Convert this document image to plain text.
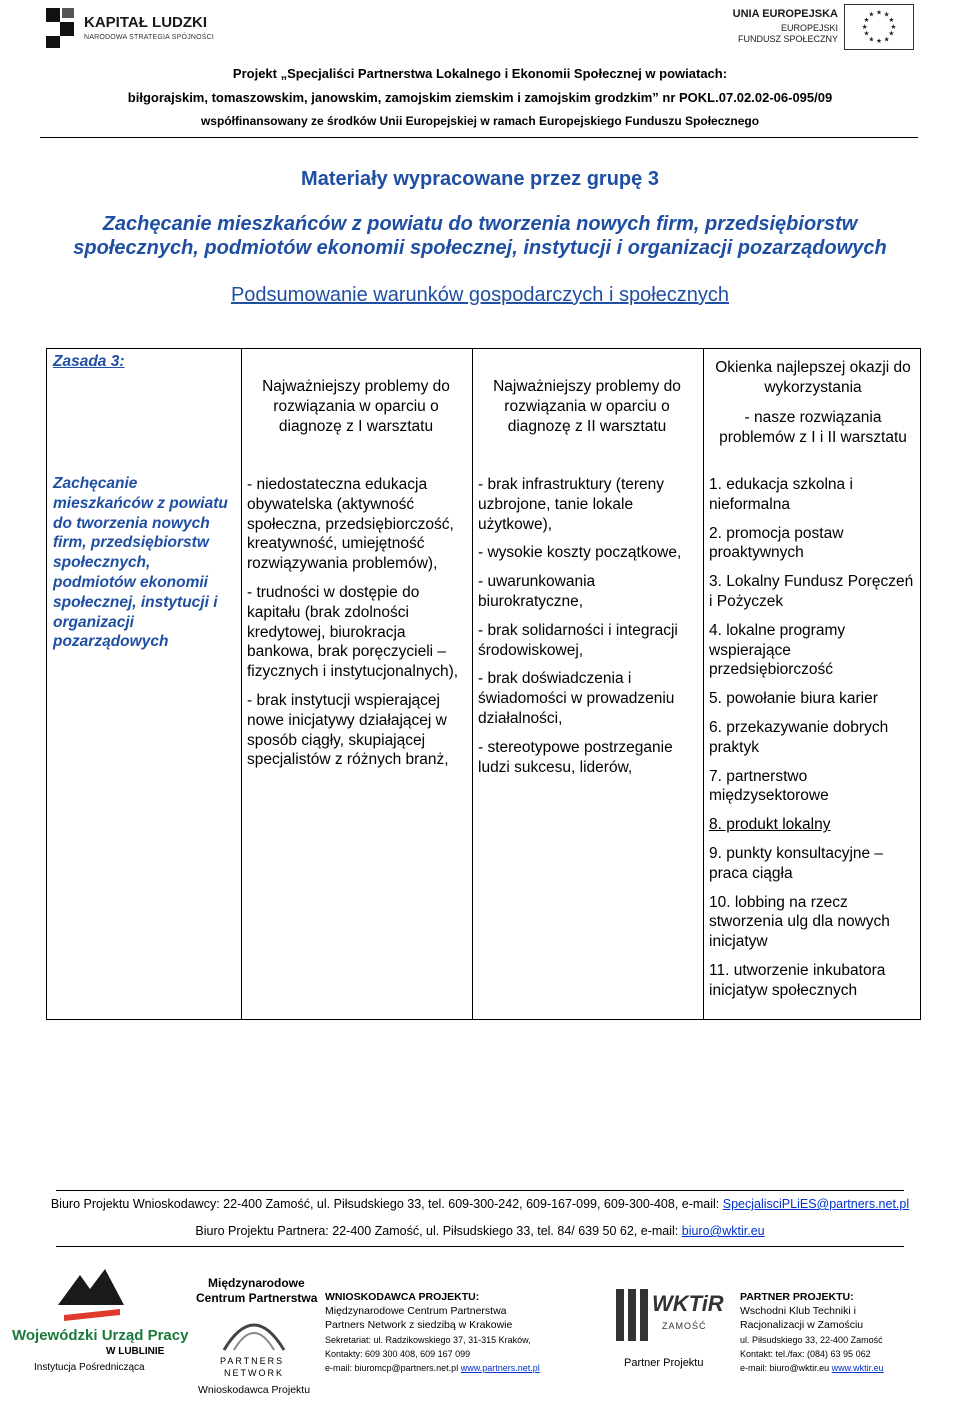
KAPITAŁ LUDZKI
NARODOWA STRATEGIA SPÓJNOŚCI
UNIA EUROPEJSKA
EUROPEJSKI
FUNDUSZ SPOŁECZNY
★ ★
★
★
★
★
★
★
★
★
★
★
Projekt „Specjaliści Partnerstwa Lokalnego i Ekonomii Społecznej w powiatach:
biłgorajskim, tomaszowskim, janowskim, zamojskim ziemskim i zamojskim grodzkim” nr POKL.07.02.02-06-095/09
współfinansowany ze środków Unii Europejskiej w ramach Europejskiego Funduszu Społecznego
Materiały wypracowane przez grupę 3
Zachęcanie mieszkańców z powiatu do tworzenia nowych firm, przedsiębiorstw
społecznych, podmiotów ekonomii społecznej, instytucji i organizacji pozarządowych
Podsumowanie warunków gospodarczych i społecznych
Zasada 3:
Zachęcanie mieszkańców z powiatu do tworzenia nowych firm, przedsiębiorstw społecznych, podmiotów ekonomii społecznej, instytucji i organizacji pozarządowych
Najważniejszy problemy do rozwiązania w oparciu o diagnozę z I warsztatu
Najważniejszy problemy do rozwiązania w oparciu o diagnozę z II warsztatu
Okienka najlepszej okazji do wykorzystania
- nasze rozwiązania problemów z I i II warsztatu

- niedostateczna edukacja obywatelska (aktywność społeczna, przedsiębiorczość, kreatywność, umiejętność rozwiązywania problemów),

- trudności w dostępie do kapitału (brak zdolności kredytowej, biurokracja bankowa, brak poręczycieli – fizycznych i instytucjonalnych),

- brak instytucji wspierającej nowe inicjatywy działającej w sposób ciągły, skupiającej specjalistów z różnych branż,

- brak infrastruktury (tereny uzbrojone, tanie lokale użytkowe),

- wysokie koszty początkowe,

- uwarunkowania biurokratyczne,

- brak solidarności i integracji środowiskowej,

- brak doświadczenia i świadomości w prowadzeniu działalności,

- stereotypowe postrzeganie ludzi sukcesu, liderów,

1. edukacja szkolna i nieformalna

2. promocja postaw proaktywnych

3. Lokalny Fundusz Poręczeń i Pożyczek

4. lokalne programy wspierające przedsiębiorczość

5. powołanie biura karier

6. przekazywanie dobrych praktyk

7. partnerstwo międzysektorowe

8. produkt lokalny

9. punkty konsultacyjne – praca ciągła

10. lobbing na rzecz stworzenia ulg dla nowych inicjatyw

11. utworzenie inkubatora inicjatyw społecznych

Biuro Projektu Wnioskodawcy: 22-400 Zamość, ul. Piłsudskiego 33, tel. 609-300-242, 609-167-099, 609-300-408, e-mail: SpecjalisciPLiES@partners.net.pl
Biuro Projektu Partnera: 22-400 Zamość, ul. Piłsudskiego 33, tel. 84/ 639 50 62, e-mail: biuro@wktir.eu
Wojewódzki Urząd Pracy
W LUBLINIE
Instytucja Pośrednicząca
Międzynarodowe
Centrum Partnerstwa
PARTNERS
NETWORK
Wnioskodawca Projektu
WNIOSKODAWCA PROJEKTU:
Międzynarodowe Centrum Partnerstwa
Partners Network z siedzibą w Krakowie
Sekretariat: ul. Radzikowskiego 37, 31-315 Kraków,
Kontakty: 609 300 408, 609 167 099
e-mail: biuromcp@partners.net.pl www.partners.net.pl
WKTiR
ZAMOŚĆ
Partner Projektu
PARTNER PROJEKTU:
Wschodni Klub Techniki i
Racjonalizacji w Zamościu
ul. Piłsudskiego 33, 22-400 Zamość
Kontakt: tel./fax: (084) 63 95 062
e-mail: biuro@wktir.eu www.wktir.eu
